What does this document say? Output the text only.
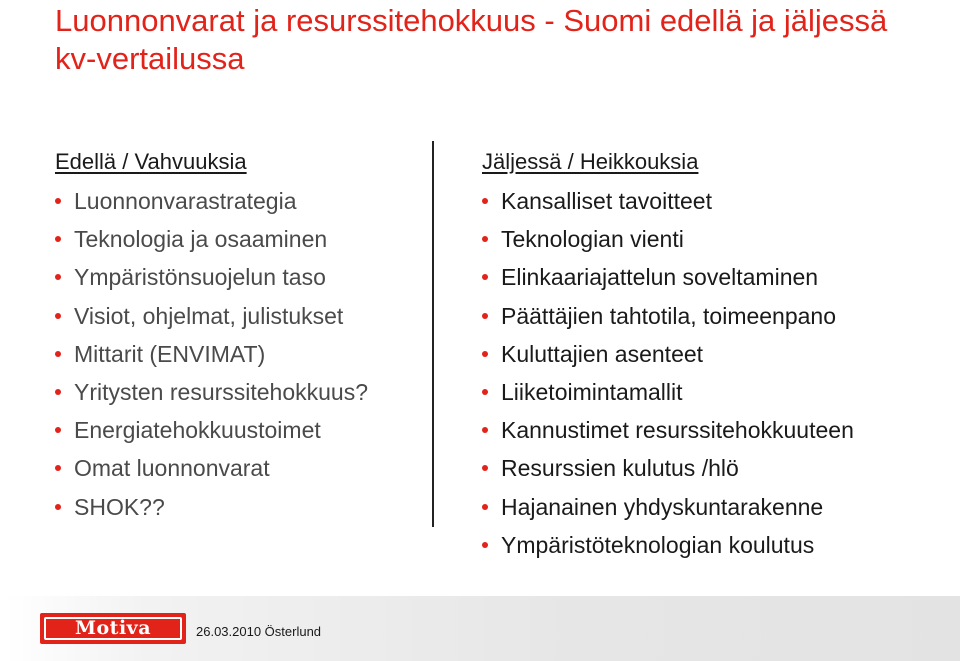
Luonnonvarat ja resurssitehokkuus - Suomi edellä ja jäljessä kv-vertailussa
Edellä / Vahvuuksia
Luonnonvarastrategia
Teknologia ja osaaminen
Ympäristönsuojelun taso
Visiot, ohjelmat, julistukset
Mittarit (ENVIMAT)
Yritysten resurssitehokkuus?
Energiatehokkuustoimet
Omat luonnonvarat
SHOK??
Jäljessä / Heikkouksia
Kansalliset tavoitteet
Teknologian vienti
Elinkaariajattelun soveltaminen
Päättäjien tahtotila, toimeenpano
Kuluttajien asenteet
Liiketoimintamallit
Kannustimet resurssitehokkuuteen
Resurssien kulutus /hlö
Hajanainen yhdyskuntarakenne
Ympäristöteknologian koulutus
Motiva	26.03.2010 Österlund
